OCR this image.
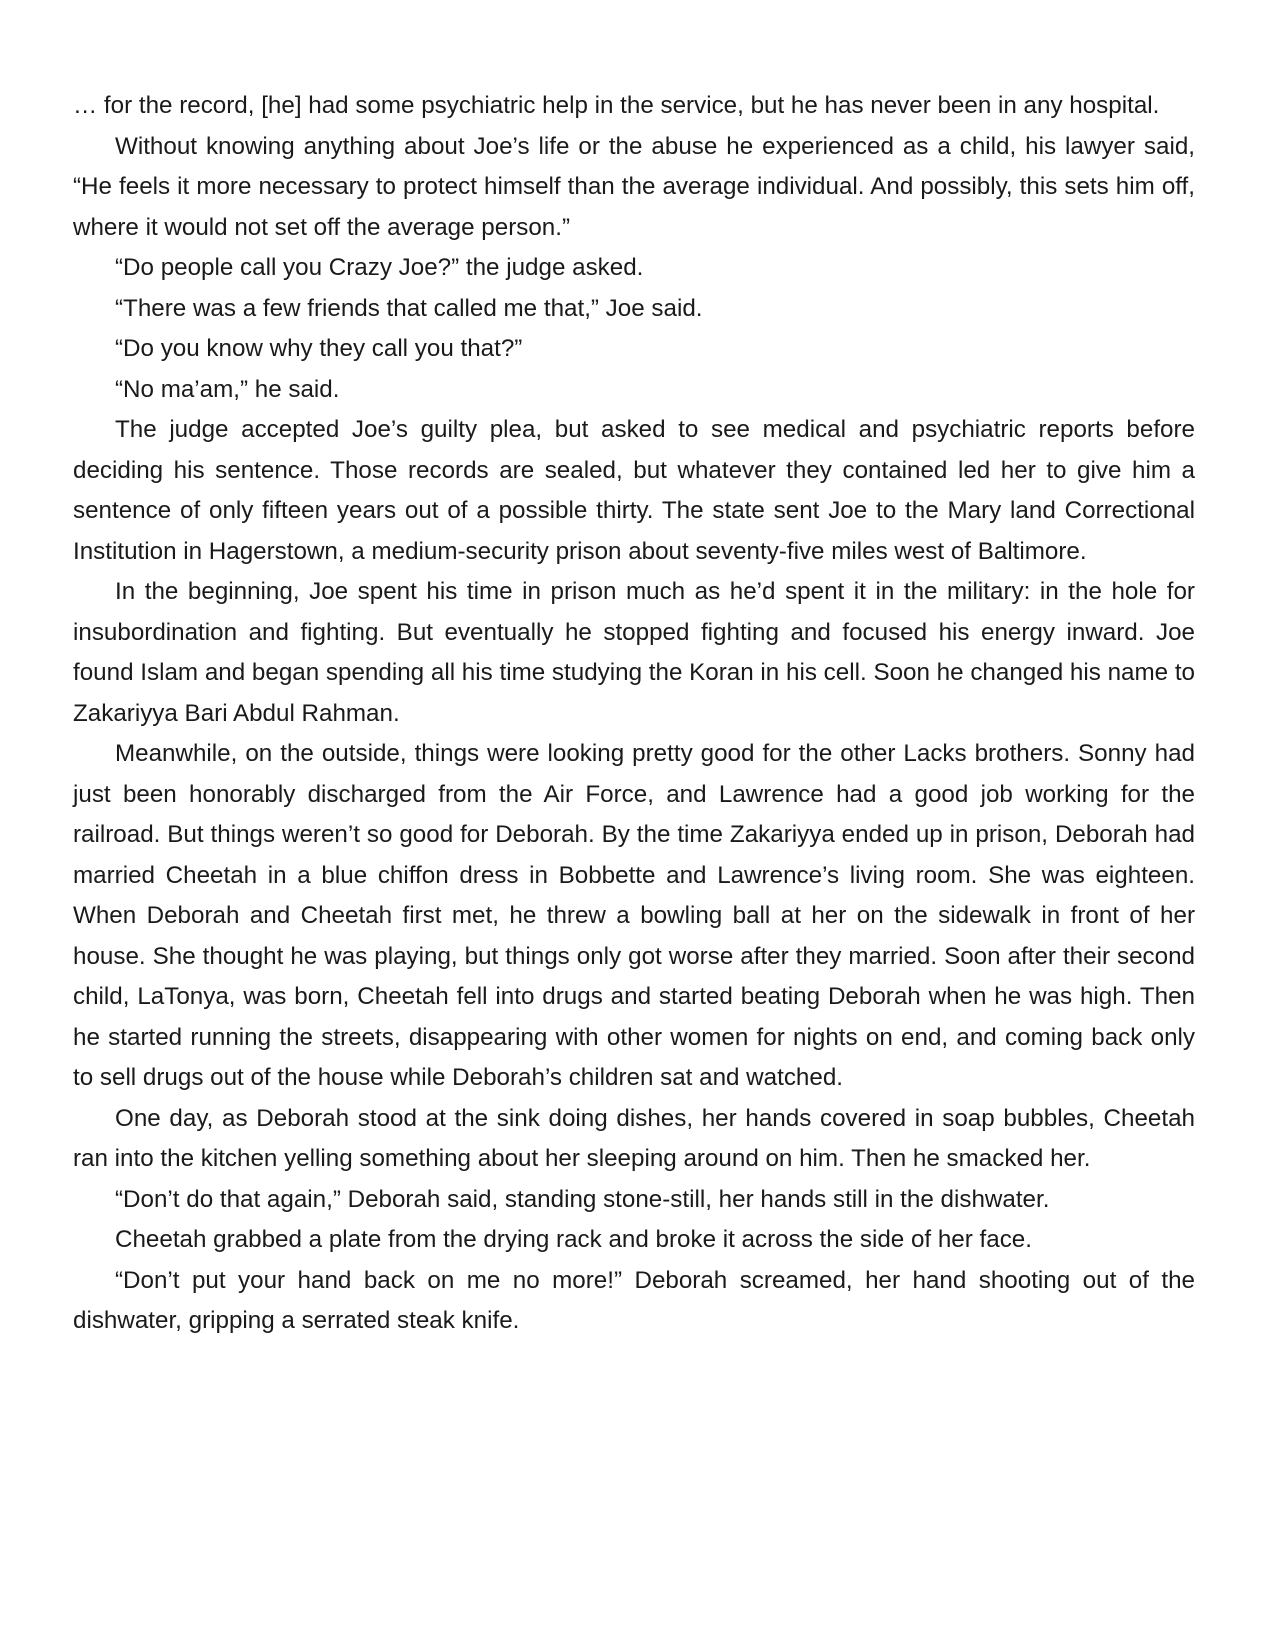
… for the record, [he] had some psychiatric help in the service, but he has never been in any hospital.

Without knowing anything about Joe’s life or the abuse he experienced as a child, his lawyer said, “He feels it more necessary to protect himself than the average individual. And possibly, this sets him off, where it would not set off the average person.”

“Do people call you Crazy Joe?” the judge asked.

“There was a few friends that called me that,” Joe said.

“Do you know why they call you that?”

“No ma’am,” he said.

The judge accepted Joe’s guilty plea, but asked to see medical and psychiatric reports before deciding his sentence. Those records are sealed, but whatever they contained led her to give him a sentence of only fifteen years out of a possible thirty. The state sent Joe to the Mary land Correctional Institution in Hagerstown, a medium-security prison about seventy-five miles west of Baltimore.

In the beginning, Joe spent his time in prison much as he’d spent it in the military: in the hole for insubordination and fighting. But eventually he stopped fighting and focused his energy inward. Joe found Islam and began spending all his time studying the Koran in his cell. Soon he changed his name to Zakariyya Bari Abdul Rahman.

Meanwhile, on the outside, things were looking pretty good for the other Lacks brothers. Sonny had just been honorably discharged from the Air Force, and Lawrence had a good job working for the railroad. But things weren’t so good for Deborah. By the time Zakariyya ended up in prison, Deborah had married Cheetah in a blue chiffon dress in Bobbette and Lawrence’s living room. She was eighteen. When Deborah and Cheetah first met, he threw a bowling ball at her on the sidewalk in front of her house. She thought he was playing, but things only got worse after they married. Soon after their second child, LaTonya, was born, Cheetah fell into drugs and started beating Deborah when he was high. Then he started running the streets, disappearing with other women for nights on end, and coming back only to sell drugs out of the house while Deborah’s children sat and watched.

One day, as Deborah stood at the sink doing dishes, her hands covered in soap bubbles, Cheetah ran into the kitchen yelling something about her sleeping around on him. Then he smacked her.

“Don’t do that again,” Deborah said, standing stone-still, her hands still in the dishwater.

Cheetah grabbed a plate from the drying rack and broke it across the side of her face.

“Don’t put your hand back on me no more!” Deborah screamed, her hand shooting out of the dishwater, gripping a serrated steak knife.
